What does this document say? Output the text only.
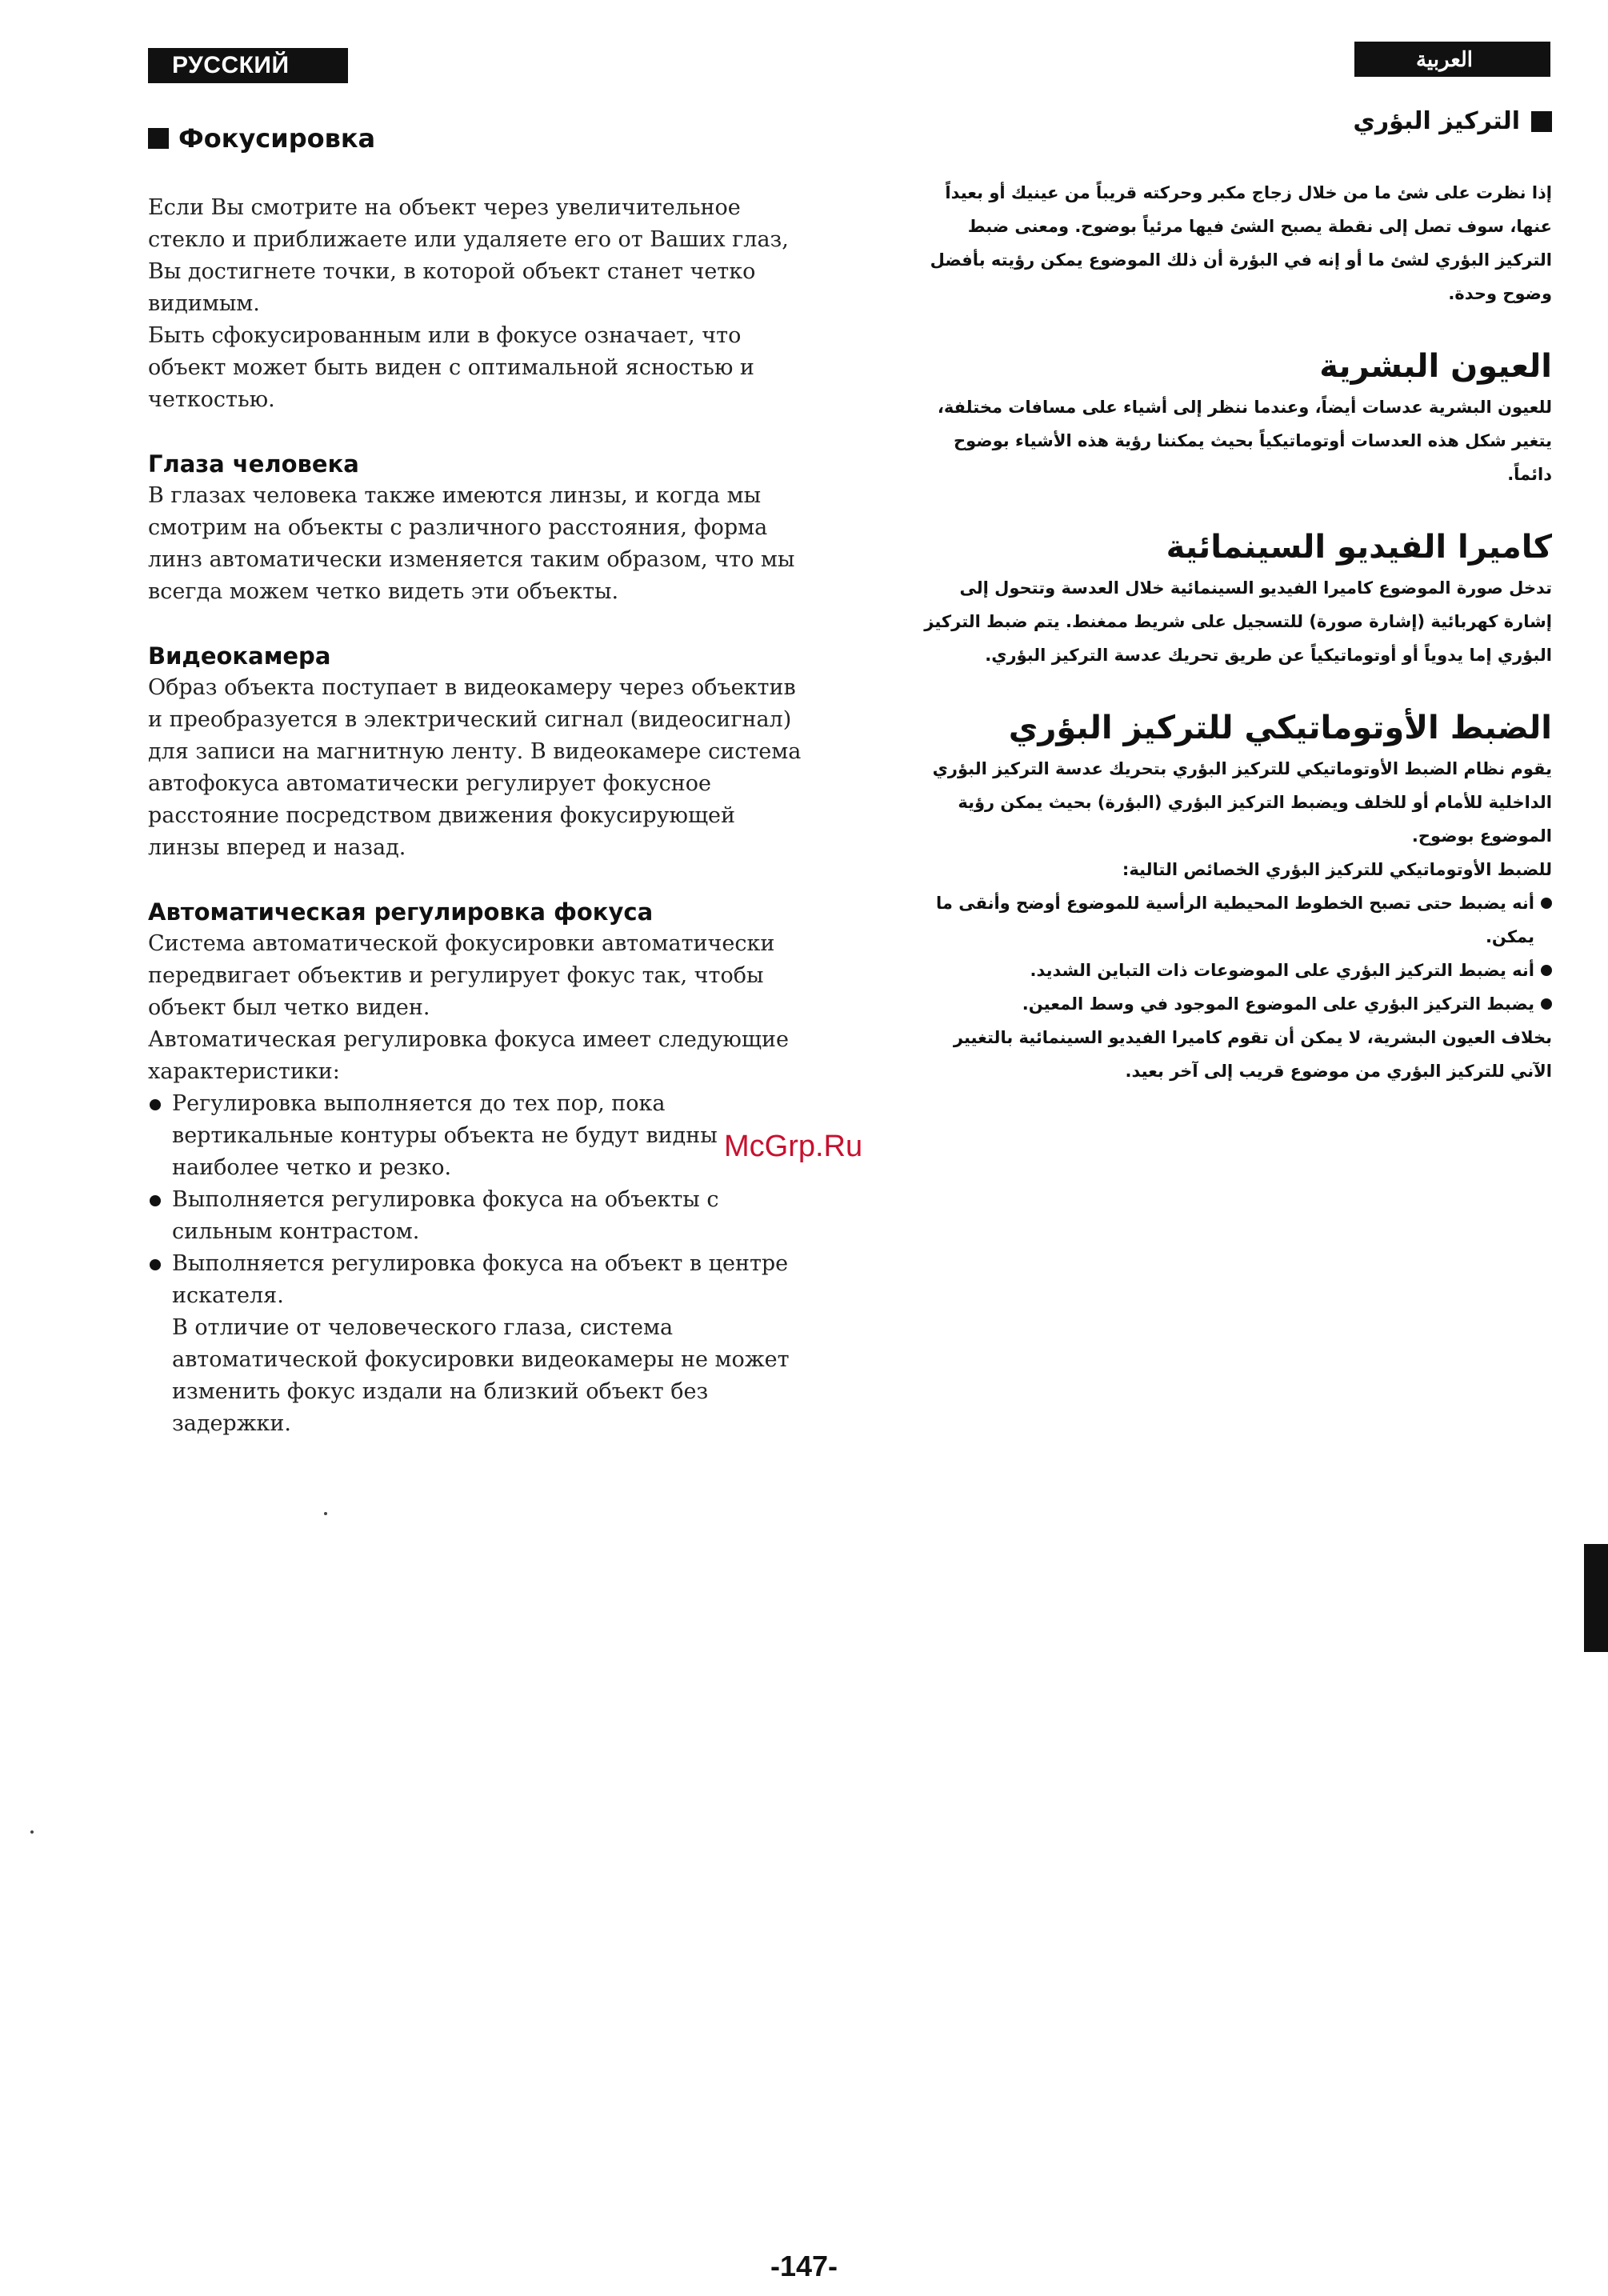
РУССКИЙ ЯЗЫК
العربية
Фокусировка

Если Вы смотрите на объект через увеличительное стекло и приближаете или удаляете его от Ваших глаз, Вы достигнете точки, в которой объект станет четко видимым.

Быть сфокусированным или в фокусе означает, что объект может быть виден с оптимальной ясностью и четкостью.

Глаза человека

В глазах человека также имеются линзы, и когда мы смотрим на объекты с различного расстояния, форма линз автоматически изменяется таким образом, что мы всегда можем четко видеть эти объекты.

Видеокамера

Образ объекта поступает в видеокамеру через объектив и преобразуется в электрический сигнал (видеосигнал) для записи на магнитную ленту. В видеокамере система автофокуса автоматически регулирует фокусное расстояние посредством движения фокусирующей линзы вперед и назад.

Автоматическая регулировка фокуса

Система автоматической фокусировки автоматически передвигает объектив и регулирует фокус так, чтобы объект был четко виден.

Автоматическая регулировка фокуса имеет следующие характеристики:

Регулировка выполняется до тех пор, пока вертикальные контуры объекта не будут видны наиболее четко и резко.
Выполняется регулировка фокуса на объекты с сильным контрастом.
Выполняется регулировка фокуса на объект в центре искателя.

В отличие от человеческого глаза, система автоматической фокусировки видеокамеры не может изменить фокус издали на близкий объект без задержки.

التركيز البؤري

إذا نظرت على شئ ما من خلال زجاج مكبر وحركته قريباً من عينيك أو بعيداً عنها، سوف تصل إلى نقطة يصبح الشئ فيها مرئياً بوضوح. ومعنى ضبط التركيز البؤري لشئ ما أو إنه في البؤرة أن ذلك الموضوع يمكن رؤيته بأفضل وضوح وحدة.

العيون البشرية

للعيون البشرية عدسات أيضاً، وعندما ننظر إلى أشياء على مسافات مختلفة، يتغير شكل هذه العدسات أوتوماتيكياً بحيث يمكننا رؤية هذه الأشياء بوضوح دائماً.

كاميرا الفيديو السينمائية

تدخل صورة الموضوع كاميرا الفيديو السينمائية خلال العدسة وتتحول إلى إشارة كهربائية (إشارة صورة) للتسجيل على شريط ممغنط. يتم ضبط التركيز البؤري إما يدوياً أو أوتوماتيكياً عن طريق تحريك عدسة التركيز البؤري.

الضبط الأوتوماتيكي للتركيز البؤري

يقوم نظام الضبط الأوتوماتيكي للتركيز البؤري بتحريك عدسة التركيز البؤري الداخلية للأمام أو للخلف ويضبط التركيز البؤري (البؤرة) بحيث يمكن رؤية الموضوع بوضوح.

للضبط الأوتوماتيكي للتركيز البؤري الخصائص التالية:

أنه يضبط حتى تصبح الخطوط المحيطية الرأسية للموضوع أوضح وأنقى ما يمكن.
أنه يضبط التركيز البؤري على الموضوعات ذات التباين الشديد.
يضبط التركيز البؤري على الموضوع الموجود في وسط المعين.

بخلاف العيون البشرية، لا يمكن أن تقوم كاميرا الفيديو السينمائية بالتغيير الآني للتركيز البؤري من موضوع قريب إلى آخر بعيد.

McGrp.Ru
-147-
